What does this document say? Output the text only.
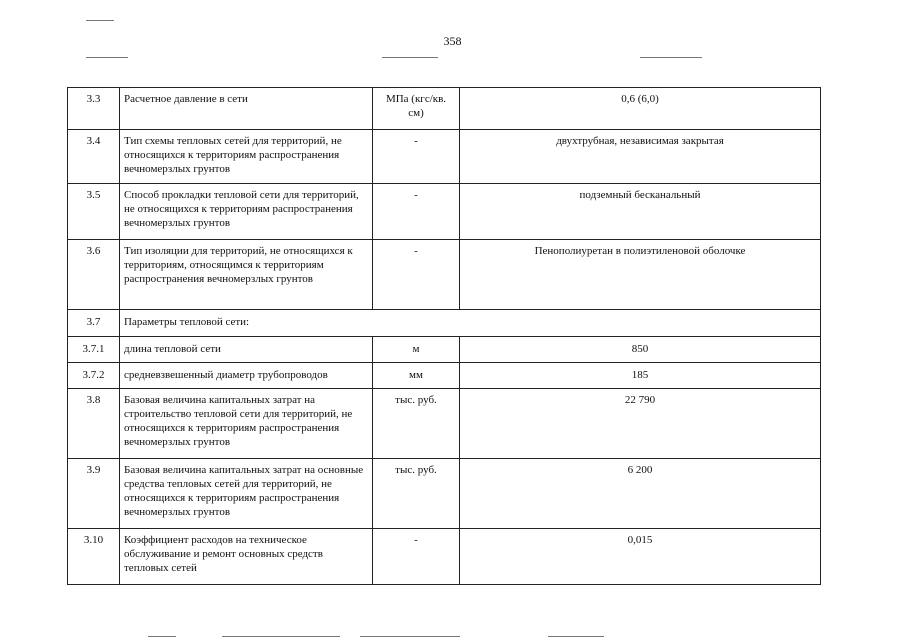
358
3.3	Расчетное давление в сети	МПа (кгс/кв. см)	0,6 (6,0)
3.4	Тип схемы тепловых сетей для территорий, не относящихся к территориям распространения вечномерзлых грунтов	-	двухтрубная, независимая закрытая
3.5	Способ прокладки тепловой сети для территорий, не относящихся к территориям распространения вечномерзлых грунтов	-	подземный бесканальный
3.6	Тип изоляции для территорий, не относящихся к территориям, относящимся к территориям распространения вечномерзлых грунтов	-	Пенополиуретан в полиэтиленовой оболочке
3.7	Параметры тепловой сети:		
3.7.1	длина тепловой сети	м	850
3.7.2	средневзвешенный диаметр трубопроводов	мм	185
3.8	Базовая величина капитальных затрат на строительство тепловой сети для территорий, не относящихся к территориям распространения вечномерзлых грунтов	тыс. руб.	22 790
3.9	Базовая величина капитальных затрат на основные средства тепловых сетей для территорий, не относящихся к территориям распространения вечномерзлых грунтов	тыс. руб.	6 200
3.10	Коэффициент расходов на техническое обслуживание и ремонт основных средств тепловых сетей	-	0,015
